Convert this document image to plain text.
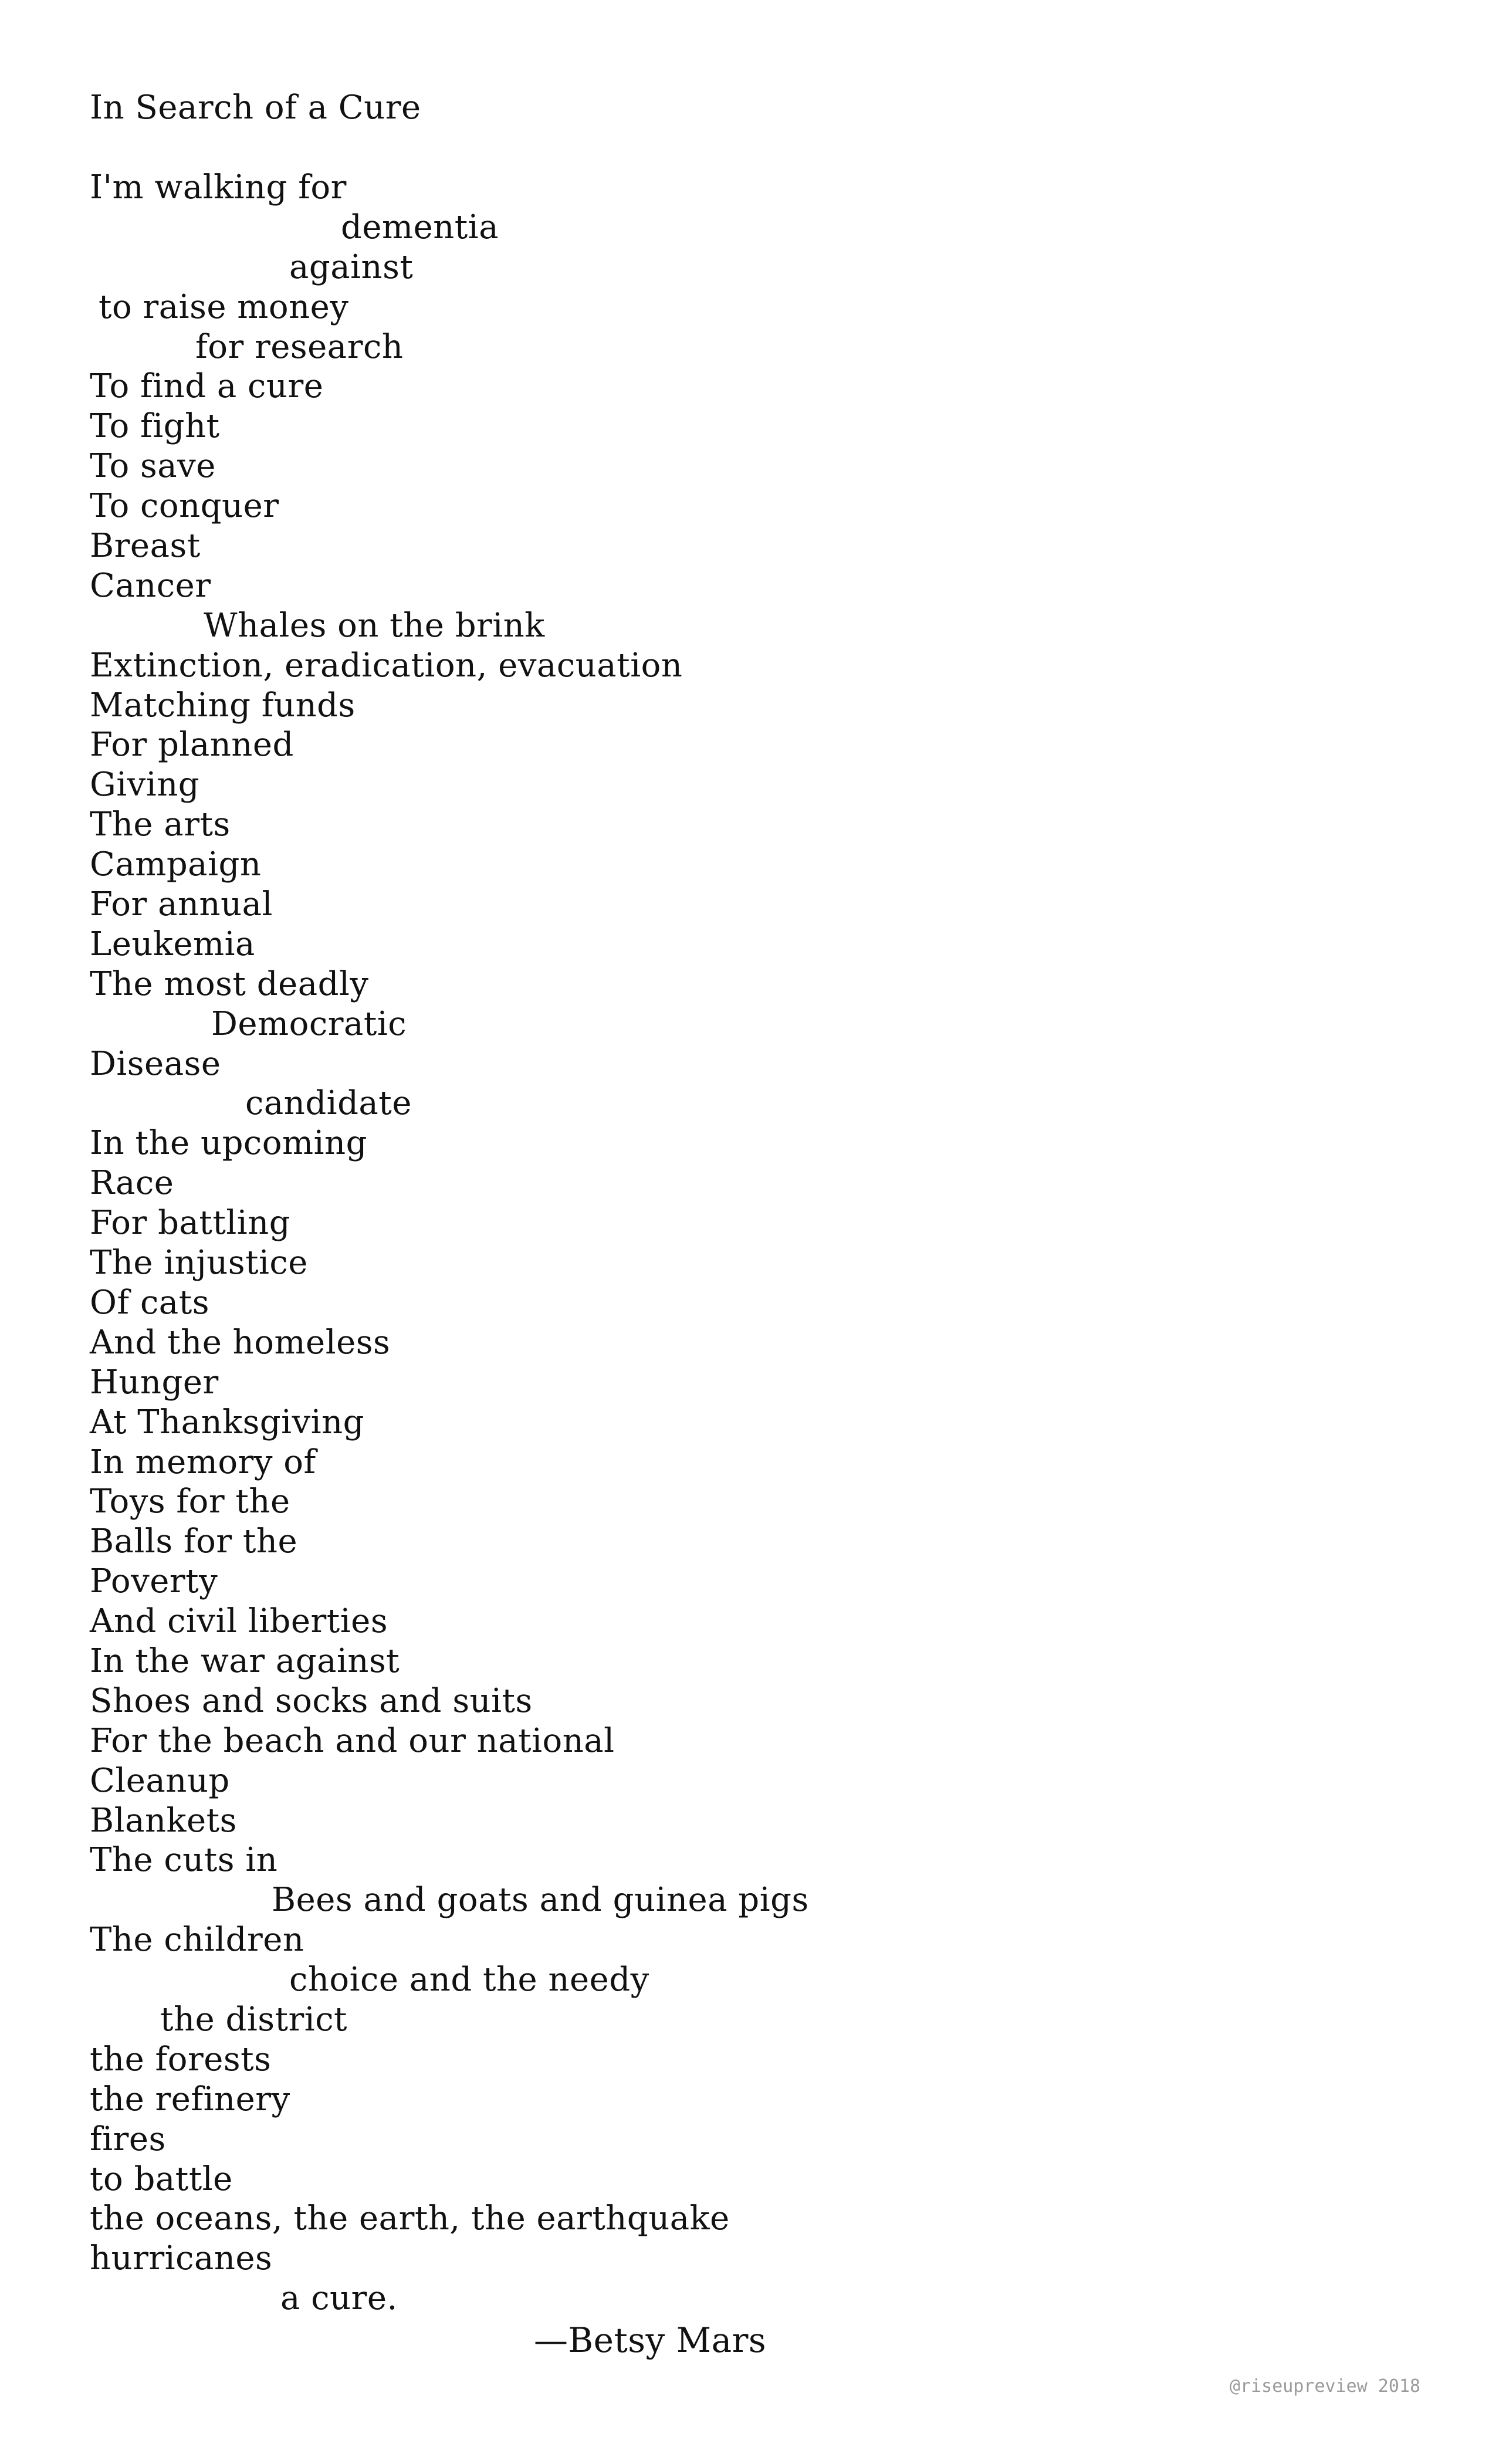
In Search of a Cure
I'm walking for
dementia
against
to raise money
for research
To find a cure
To fight
To save
To conquer
Breast
Cancer
Whales on the brink
Extinction, eradication, evacuation
Matching funds
For planned
Giving
The arts
Campaign
For annual
Leukemia
The most deadly
Democratic
Disease
candidate
In the upcoming
Race
For battling
The injustice
Of cats
And the homeless
Hunger
At Thanksgiving
In memory of
Toys for the
Balls for the
Poverty
And civil liberties
In the war against
Shoes and socks and suits
For the beach and our national
Cleanup
Blankets
The cuts in
Bees and goats and guinea pigs
The children
choice and the needy
the district
the forests
the refinery
fires
to battle
the oceans, the earth, the earthquake
hurricanes
a cure.
—Betsy Mars
@riseupreview 2018
